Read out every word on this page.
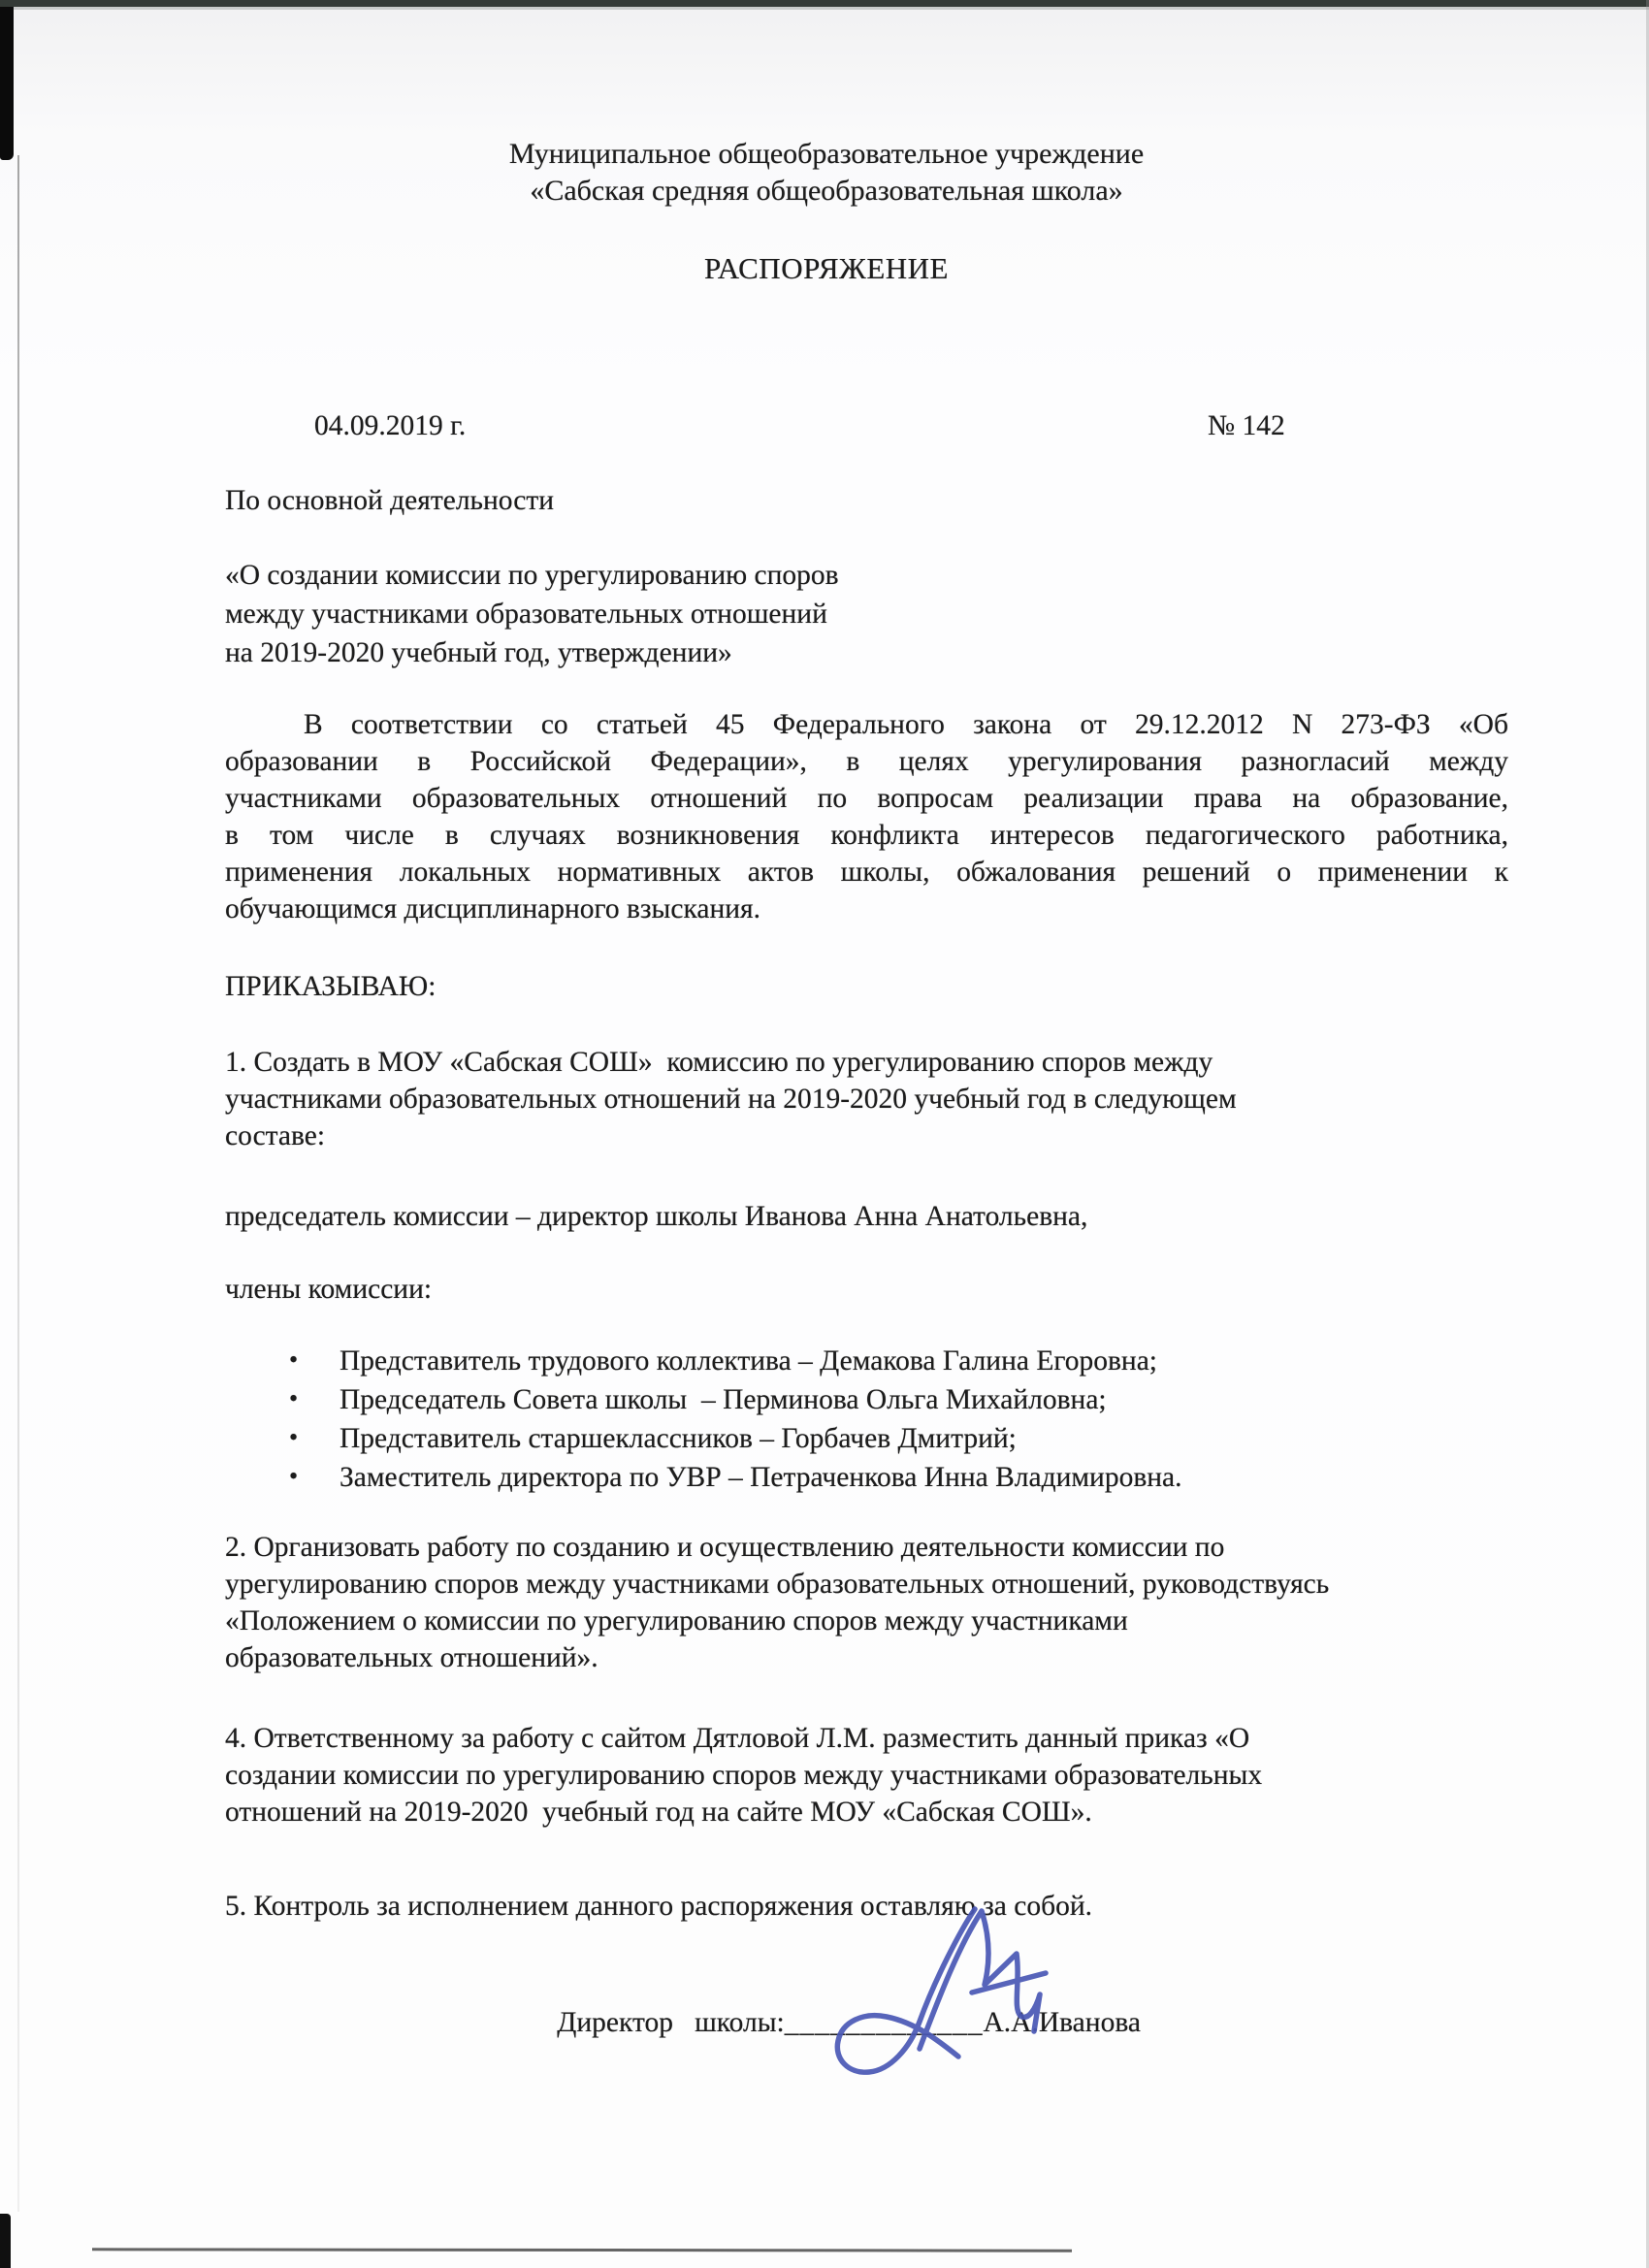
Муниципальное общеобразовательное учреждение
«Сабская средняя общеобразовательная школа»
РАСПОРЯЖЕНИЕ
04.09.2019 г.	№ 142
По основной деятельности
«О создании комиссии по урегулированию споров
между участниками образовательных отношений
на 2019-2020 учебный год, утверждении»
В соответствии со статьей 45 Федерального закона от 29.12.2012 N 273-ФЗ «Об
образовании в Российской Федерации», в целях урегулирования разногласий между
участниками образовательных отношений по вопросам реализации права на образование,
в том числе в случаях возникновения конфликта интересов педагогического работника,
применения локальных нормативных актов школы, обжалования решений о применении к
обучающимся дисциплинарного взыскания.
ПРИКАЗЫВАЮ:
1. Создать в МОУ «Сабская СОШ»  комиссию по урегулированию споров между
участниками образовательных отношений на 2019-2020 учебный год в следующем
составе:
председатель комиссии – директор школы Иванова Анна Анатольевна,
члены комиссии:
• Представитель трудового коллектива – Демакова Галина Егоровна;
• Председатель Совета школы  – Перминова Ольга Михайловна;
• Представитель старшеклассников – Горбачев Дмитрий;
• Заместитель директора по УВР – Петраченкова Инна Владимировна.
2. Организовать работу по созданию и осуществлению деятельности комиссии по
урегулированию споров между участниками образовательных отношений, руководствуясь
«Положением о комиссии по урегулированию споров между участниками
образовательных отношений».
4. Ответственному за работу с сайтом Дятловой Л.М. разместить данный приказ «О
создании комиссии по урегулированию споров между участниками образовательных
отношений на 2019-2020  учебный год на сайте МОУ «Сабская СОШ».
5. Контроль за исполнением данного распоряжения оставляю за собой.

Директор   школы:_____________А.А.Иванова
